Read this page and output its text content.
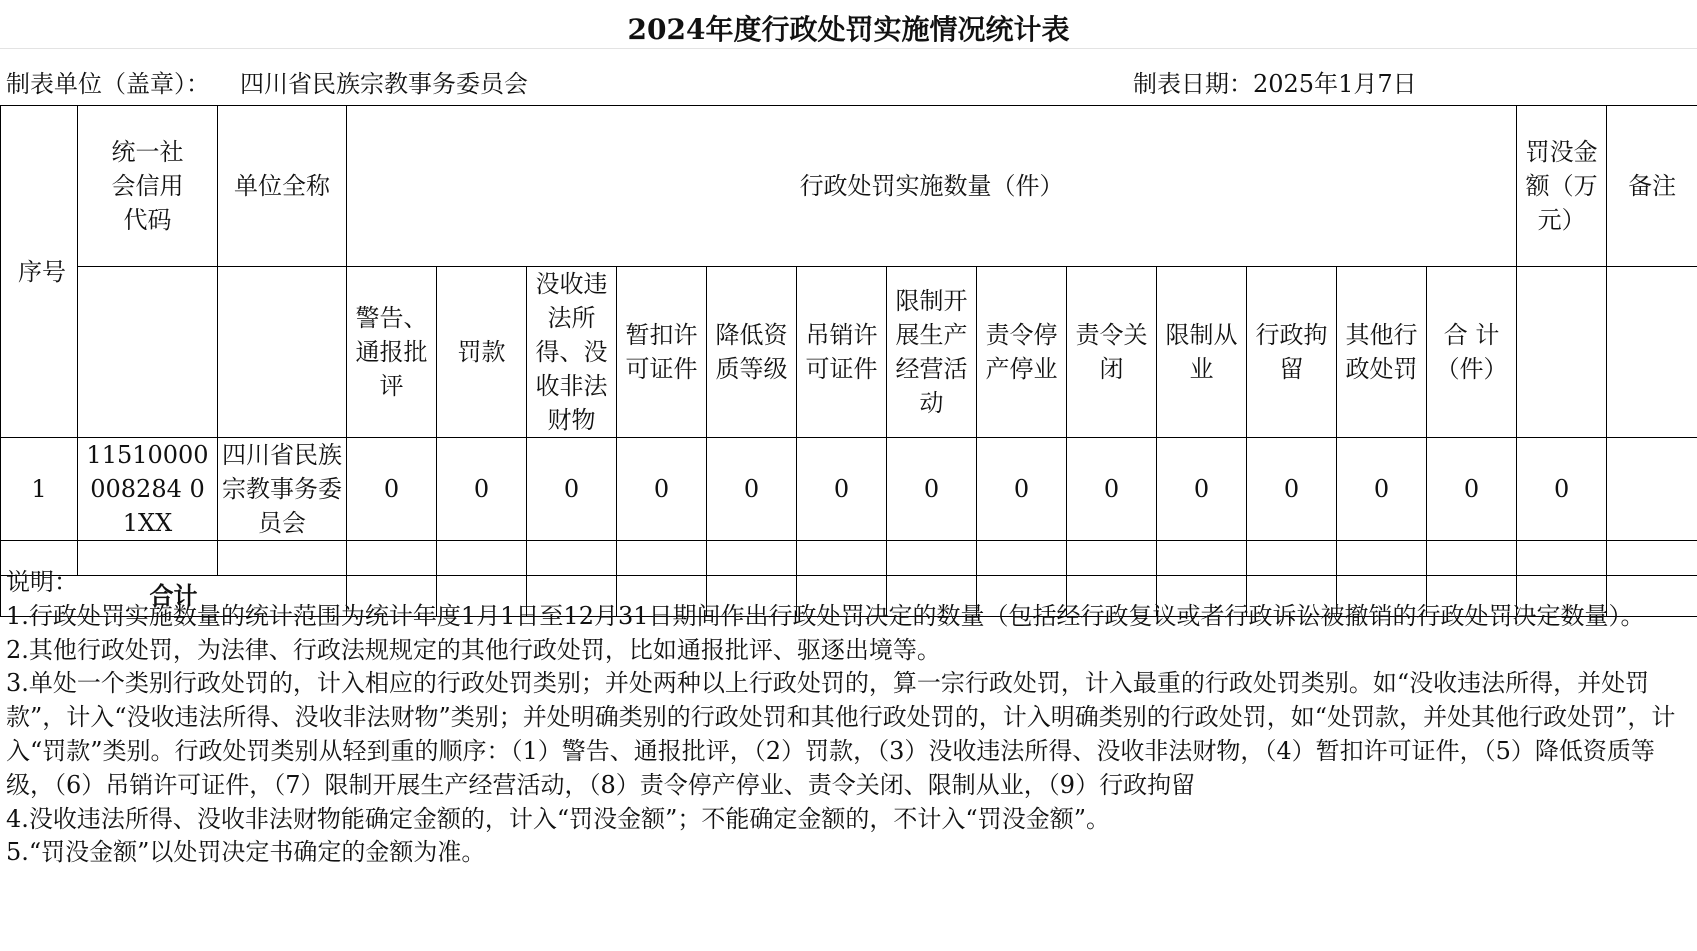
2024年度行政处罚实施情况统计表
制表单位（盖章）： 四川省民族宗教事务委员会	制表日期：2025年1月7日
序号	统一社会信用代码	单位全称	行政处罚实施数量（件）													罚没金额（万元）	备注
			警告、通报批评	罚款	没收违法所得、没收非法财物	暂扣许可证件	降低资质等级	吊销许可证件	限制开展生产经营活动	责令停产停业	责令关闭	限制从业	行政拘留	其他行政处罚	合 计（件）		
1	11510000008284 01XX	四川省民族宗教事务委员会	0	0	0	0	0	0	0	0	0	0	0	0	0	0	

合计																	

说明：

1.行政处罚实施数量的统计范围为统计年度1月1日至12月31日期间作出行政处罚决定的数量（包括经行政复议或者行政诉讼被撤销的行政处罚决定数量）。

2.其他行政处罚，为法律、行政法规规定的其他行政处罚，比如通报批评、驱逐出境等。

3.单处一个类别行政处罚的，计入相应的行政处罚类别；并处两种以上行政处罚的，算一宗行政处罚，计入最重的行政处罚类别。如“没收违法所得，并处罚款”，计入“没收违法所得、没收非法财物”类别；并处明确类别的行政处罚和其他行政处罚的，计入明确类别的行政处罚，如“处罚款，并处其他行政处罚”，计入“罚款”类别。行政处罚类别从轻到重的顺序：（1）警告、通报批评，（2）罚款，（3）没收违法所得、没收非法财物，（4）暂扣许可证件，（5）降低资质等级，（6）吊销许可证件，（7）限制开展生产经营活动，（8）责令停产停业、责令关闭、限制从业，（9）行政拘留

4.没收违法所得、没收非法财物能确定金额的，计入“罚没金额”；不能确定金额的，不计入“罚没金额”。

5.“罚没金额”以处罚决定书确定的金额为准。
